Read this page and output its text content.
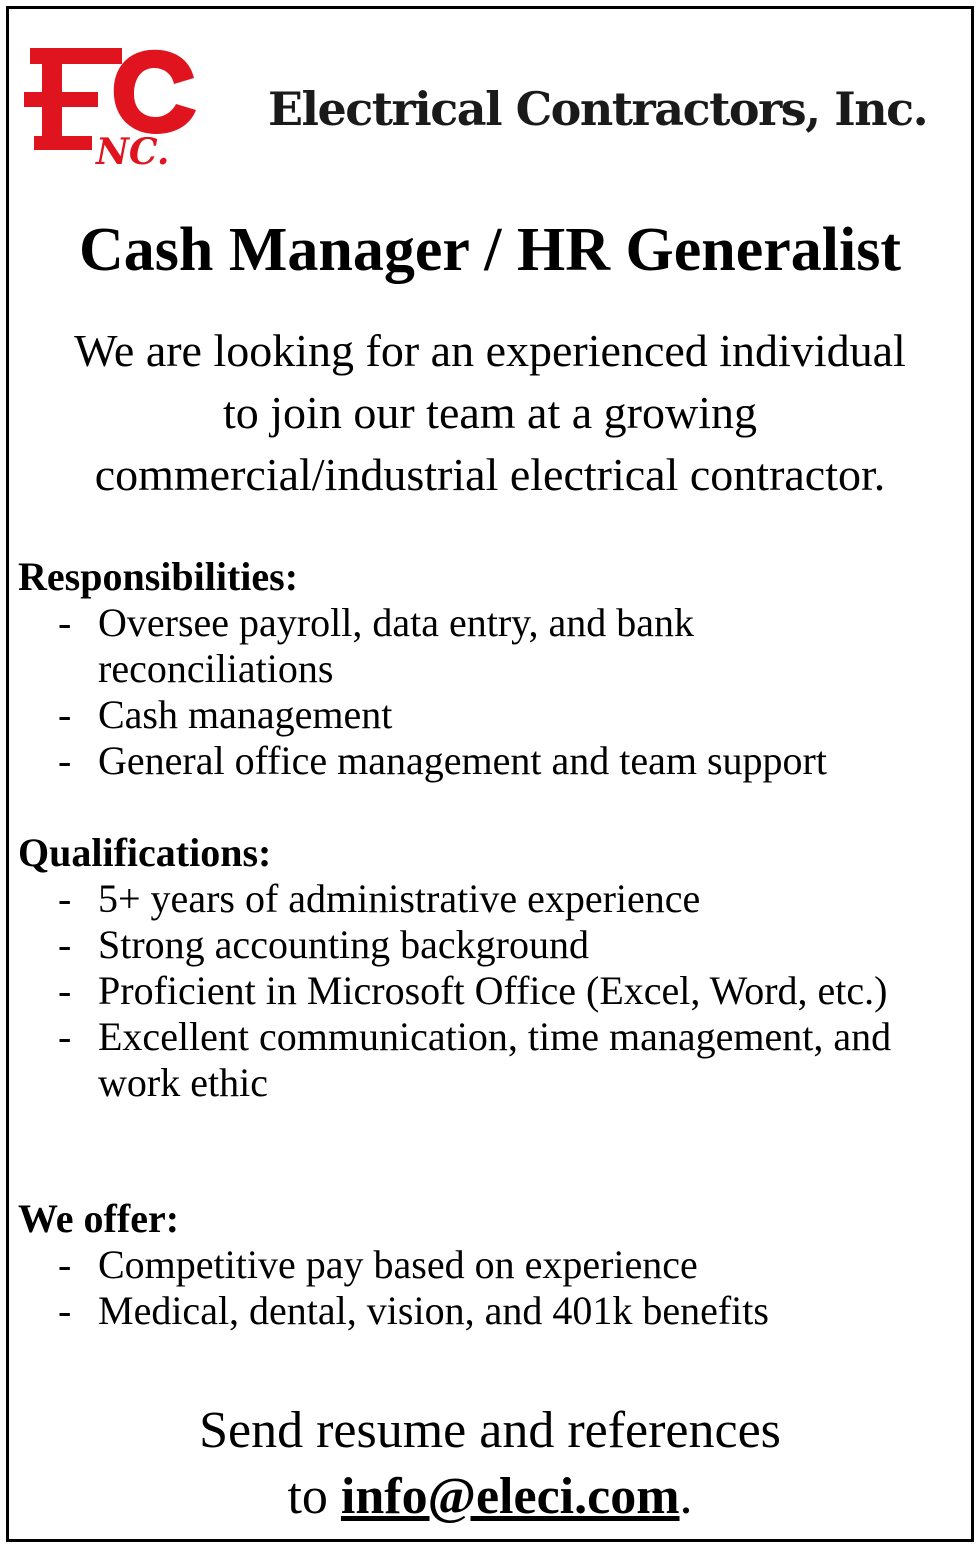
NC.
Electrical Contractors, Inc.
Cash Manager / HR Generalist
We are looking for an experienced individual
to join our team at a growing
commercial/industrial electrical contractor.
Responsibilities:
- Oversee payroll, data entry, and bank reconciliations
- Cash management
- General office management and team support
Qualifications:
- 5+ years of administrative experience
- Strong accounting background
- Proficient in Microsoft Office (Excel, Word, etc.)
- Excellent communication, time management, and work ethic
We offer:
- Competitive pay based on experience
- Medical, dental, vision, and 401k benefits
Send resume and references
to info@eleci.com.
